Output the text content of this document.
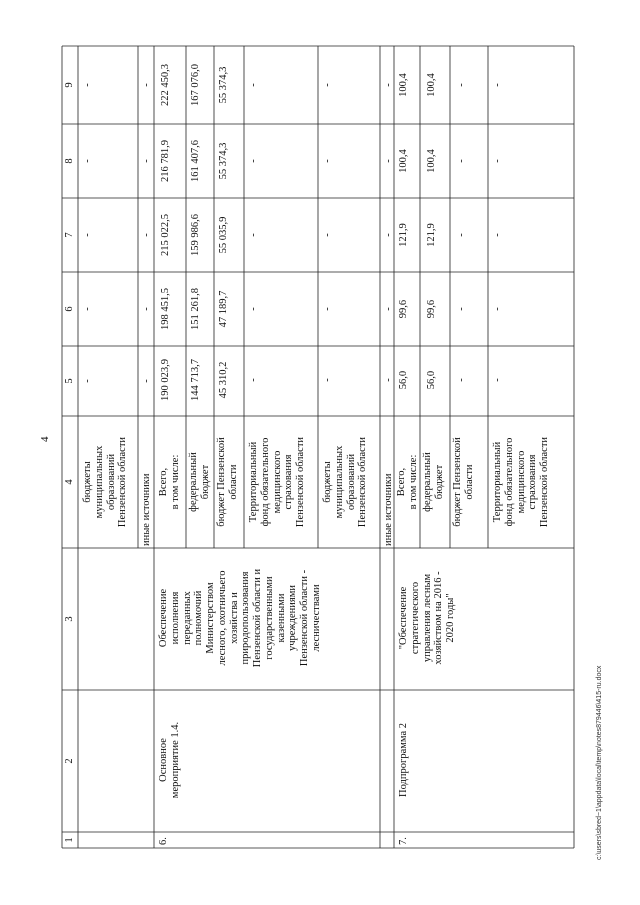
4
1
2
3
4
5
6
7
8
9
бюджеты муниципальных образований Пензенской области
-
-
-
-
-
иные источники
-
-
-
-
-
6.
Основное мероприятие 1.4.
Обеспечение исполнения переданных полномочий Министерством лесного, охотничьего хозяйства и природопользования Пензенской области и государственными казенными учреждениями Пензенской области - лесничествами
Всего, в том числе: федеральный бюджет бюджет Пензенской области Территориальный фонд обязательного медицинского страхования Пензенской области бюджеты муниципальных образований Пензенской области иные источники
190 023,9
198 451,5
215 022,5
216 781,9
222 450,3
144 713,7
151 261,8
159 986,6
161 407,6
167 076,0
45 310,2
47 189,7
55 035,9
55 374,3
55 374,3
-
-
-
-
-
-
-
-
-
-
-
-
-
-
-
7.
Подпрограмма 2
"Обеспечение стратегического управления лесным хозяйством на 2016 - 2020 годы"
Всего, в том числе: федеральный бюджет бюджет Пензенской области Территориальный фонд обязательного медицинского страхования Пензенской области
56,0
99,6
121,9
100,4
100,4
56,0
99,6
121,9
100,4
100,4
-
-
-
-
-
-
-
-
-
-
c:\users\sbred~1\appdata\local\temp\notes879446\415-ru.docx
